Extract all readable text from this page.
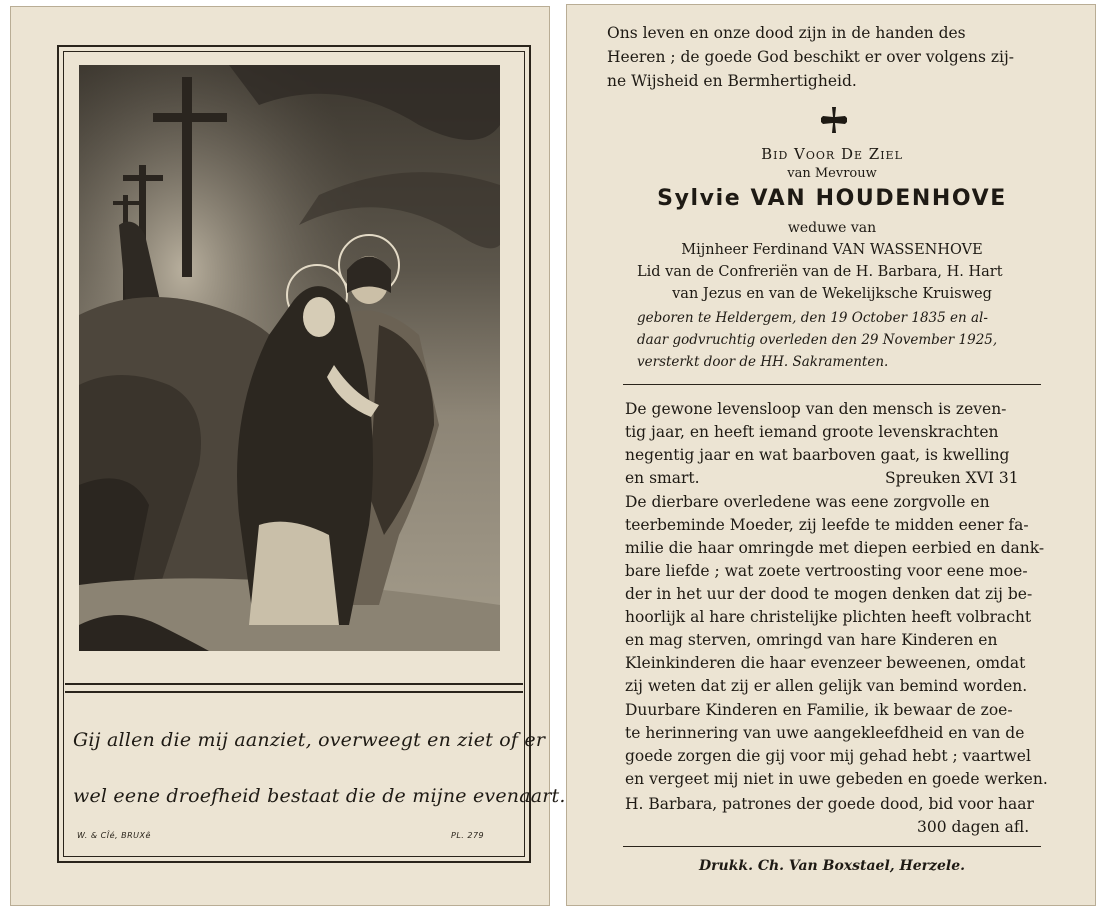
Gij allen die mij aanziet, overweegt en ziet of er
wel eene droefheid bestaat die de mijne evenaart.
W. & CÎé, BRUXê	PL. 279
Ons leven en onze dood zijn in de handen des
Heeren ; de goede God beschikt er over volgens zij-
ne Wijsheid en Bermhertigheid.
Bid Voor De Ziel
van Mevrouw
Sylvie VAN HOUDENHOVE
weduwe van
Mijnheer Ferdinand VAN WASSENHOVE
Lid van de Confreriën van de H. Barbara, H. Hart
van Jezus en van de Wekelijksche Kruisweg
geboren te Heldergem, den 19 October 1835 en al-
daar godvruchtig overleden den 29 November 1925,
versterkt door de HH. Sakramenten.
De gewone levensloop van den mensch is zeven-
tig jaar, en heeft iemand groote levenskrachten
negentig jaar en wat baarboven gaat, is kwelling
en smart.	Spreuken XVI 31
De dierbare overledene was eene zorgvolle en
teerbeminde Moeder, zij leefde te midden eener fa-
milie die haar omringde met diepen eerbied en dank-
bare liefde ; wat zoete vertroosting voor eene moe-
der in het uur der dood te mogen denken dat zij be-
hoorlijk al hare christelijke plichten heeft volbracht
en mag sterven, omringd van hare Kinderen en
Kleinkinderen die haar evenzeer beweenen, omdat
zij weten dat zij er allen gelijk van bemind worden.
Duurbare Kinderen en Familie, ik bewaar de zoe-
te herinnering van uwe aangekleefdheid en van de
goede zorgen die gij voor mij gehad hebt ; vaartwel
en vergeet mij niet in uwe gebeden en goede werken.
H. Barbara, patrones der goede dood, bid voor haar
300 dagen afl.
Drukk. Ch. Van Boxstael, Herzele.
